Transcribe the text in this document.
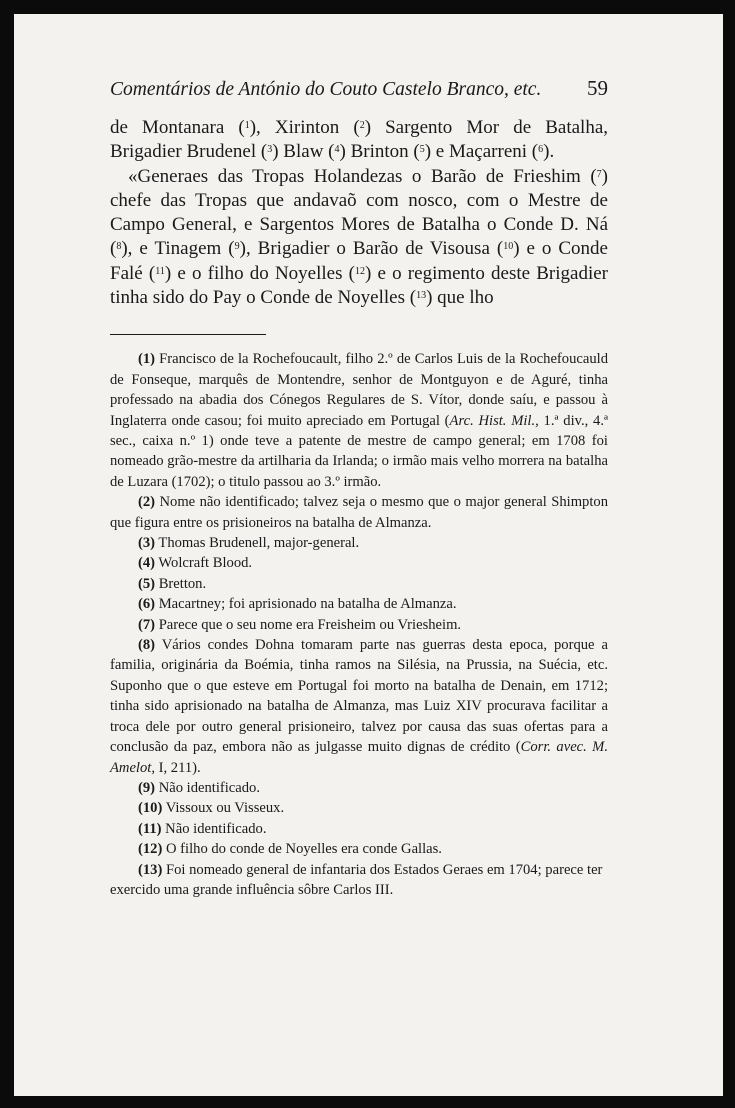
Comentários de António do Couto Castelo Branco, etc. 59

de Montanara ($^1$), Xirinton ($^2$) Sargento Mor de Batalha, Brigadier Brudenel ($^3$) Blaw ($^4$) Brinton ($^5$) e Maçarreni ($^6$).

«Generaes das Tropas Holandezas o Barão de Frieshim ($^7$) chefe das Tropas que andavaõ com nosco, com o Mestre de Campo General, e Sargentos Mores de Batalha o Conde D. Ná ($^8$), e Tinagem ($^9$), Brigadier o Barão de Visousa ($^{10}$) e o Conde Falé ($^{11}$) e o filho do Noyelles ($^{12}$) e o regimento deste Brigadier tinha sido do Pay o Conde de Noyelles ($^{13}$) que lho

(1) Francisco de la Rochefoucault, filho 2.º de Carlos Luis de la Rochefoucauld de Fonseque, marquês de Montendre, senhor de Montguyon e de Aguré, tinha professado na abadia dos Cónegos Regulares de S. Vítor, donde saíu, e passou à Inglaterra onde casou; foi muito apreciado em Portugal (Arc. Hist. Mil., 1.ª div., 4.ª sec., caixa n.º 1) onde teve a patente de mestre de campo general; em 1708 foi nomeado grão-mestre da artilharia da Irlanda; o irmão mais velho morrera na batalha de Luzara (1702); o titulo passou ao 3.º irmão.

(2) Nome não identificado; talvez seja o mesmo que o major general Shimpton que figura entre os prisioneiros na batalha de Almanza.

(3) Thomas Brudenell, major-general.

(4) Wolcraft Blood.

(5) Bretton.

(6) Macartney; foi aprisionado na batalha de Almanza.

(7) Parece que o seu nome era Freisheim ou Vriesheim.

(8) Vários condes Dohna tomaram parte nas guerras desta epoca, porque a familia, originária da Boémia, tinha ramos na Silésia, na Prussia, na Suécia, etc. Suponho que o que esteve em Portugal foi morto na batalha de Denain, em 1712; tinha sido aprisionado na batalha de Almanza, mas Luiz XIV procurava facilitar a troca dele por outro general prisioneiro, talvez por causa das suas ofertas para a conclusão da paz, embora não as julgasse muito dignas de crédito (Corr. avec. M. Amelot, I, 211).

(9) Não identificado.

(10) Vissoux ou Visseux.

(11) Não identificado.

(12) O filho do conde de Noyelles era conde Gallas.

(13) Foi nomeado general de infantaria dos Estados Geraes em 1704; parece ter exercido uma grande influência sôbre Carlos III.
